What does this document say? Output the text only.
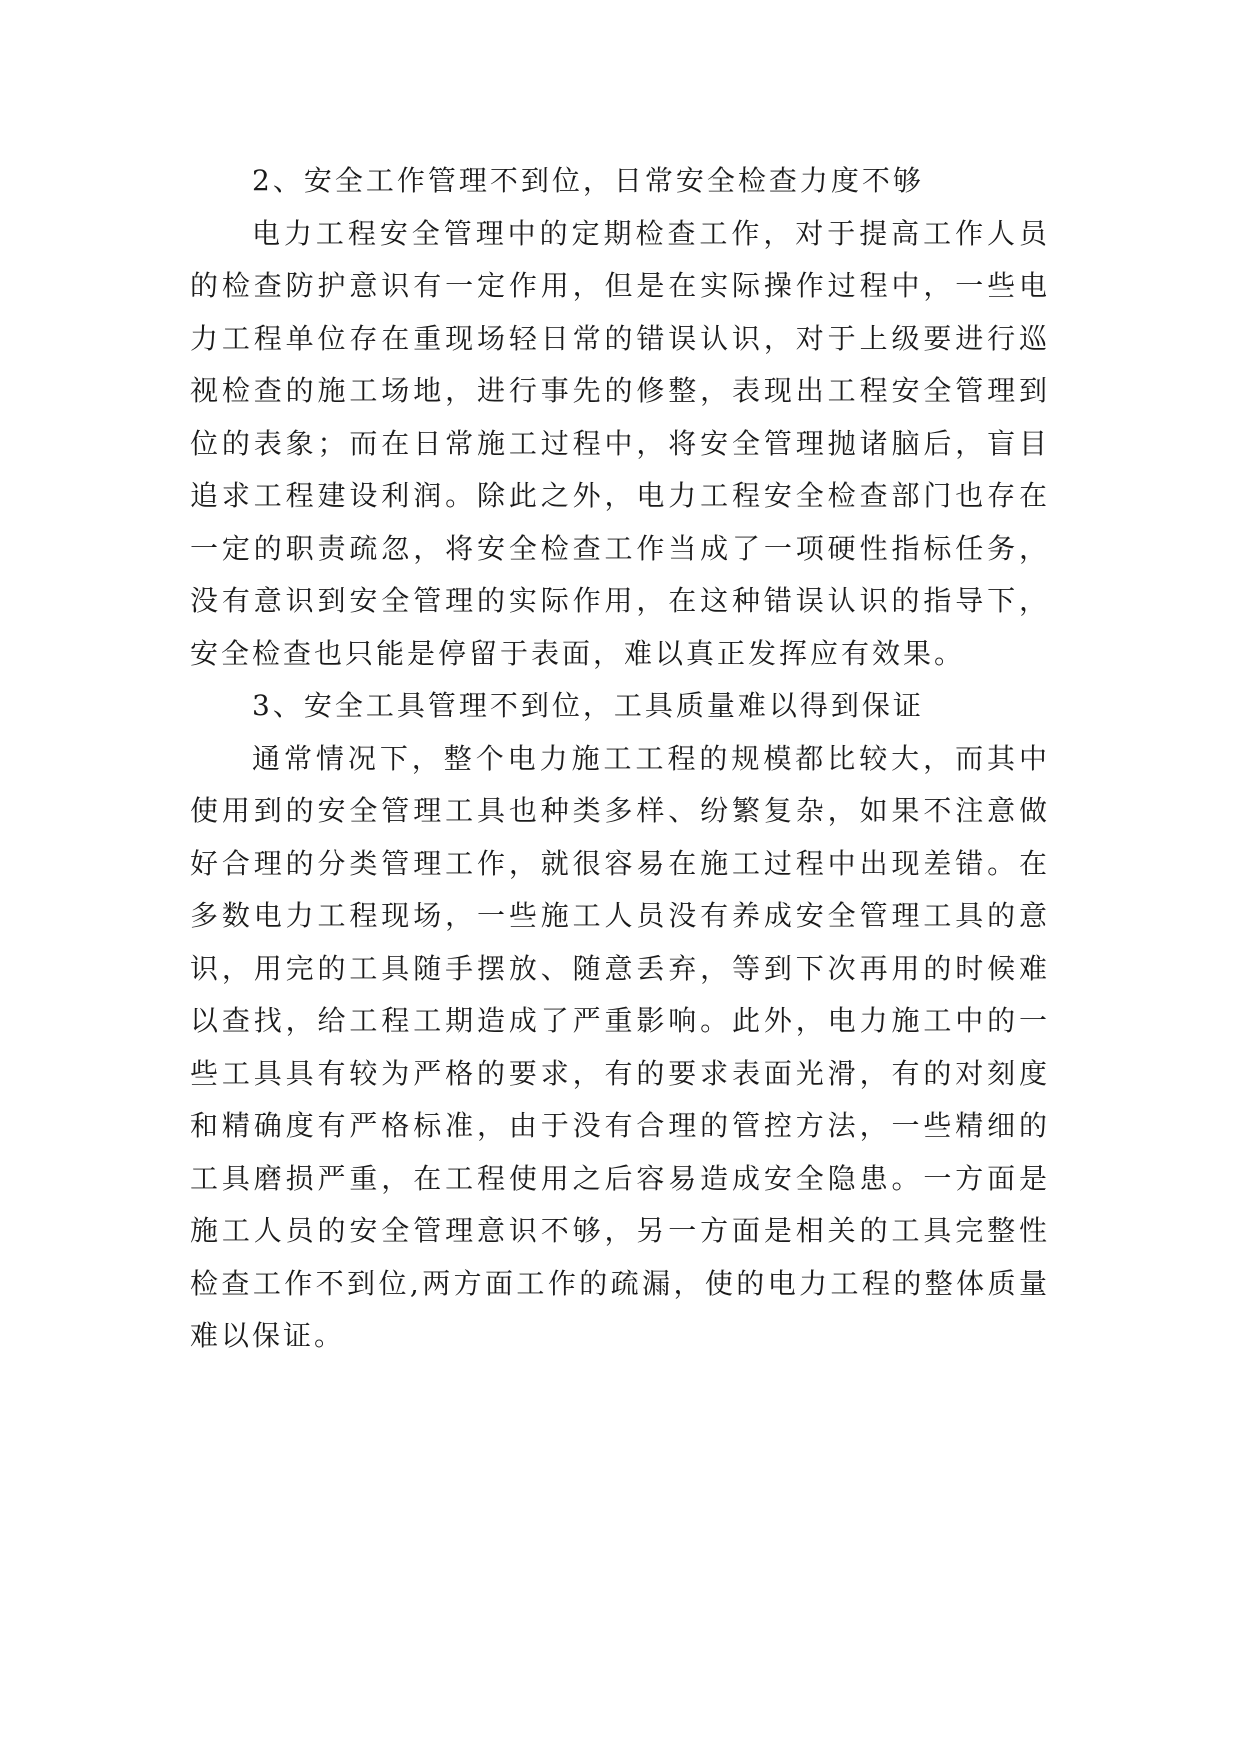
2、安全工作管理不到位，日常安全检查力度不够

电力工程安全管理中的定期检查工作，对于提高工作人员的检查防护意识有一定作用，但是在实际操作过程中，一些电力工程单位存在重现场轻日常的错误认识，对于上级要进行巡视检查的施工场地，进行事先的修整，表现出工程安全管理到位的表象；而在日常施工过程中，将安全管理抛诸脑后，盲目追求工程建设利润。除此之外，电力工程安全检查部门也存在一定的职责疏忽，将安全检查工作当成了一项硬性指标任务，没有意识到安全管理的实际作用，在这种错误认识的指导下，安全检查也只能是停留于表面，难以真正发挥应有效果。

3、安全工具管理不到位，工具质量难以得到保证

通常情况下，整个电力施工工程的规模都比较大，而其中使用到的安全管理工具也种类多样、纷繁复杂，如果不注意做好合理的分类管理工作，就很容易在施工过程中出现差错。在多数电力工程现场，一些施工人员没有养成安全管理工具的意识，用完的工具随手摆放、随意丢弃，等到下次再用的时候难以查找，给工程工期造成了严重影响。此外，电力施工中的一些工具具有较为严格的要求，有的要求表面光滑，有的对刻度和精确度有严格标准，由于没有合理的管控方法，一些精细的工具磨损严重，在工程使用之后容易造成安全隐患。一方面是施工人员的安全管理意识不够，另一方面是相关的工具完整性检查工作不到位,两方面工作的疏漏，使的电力工程的整体质量难以保证。
